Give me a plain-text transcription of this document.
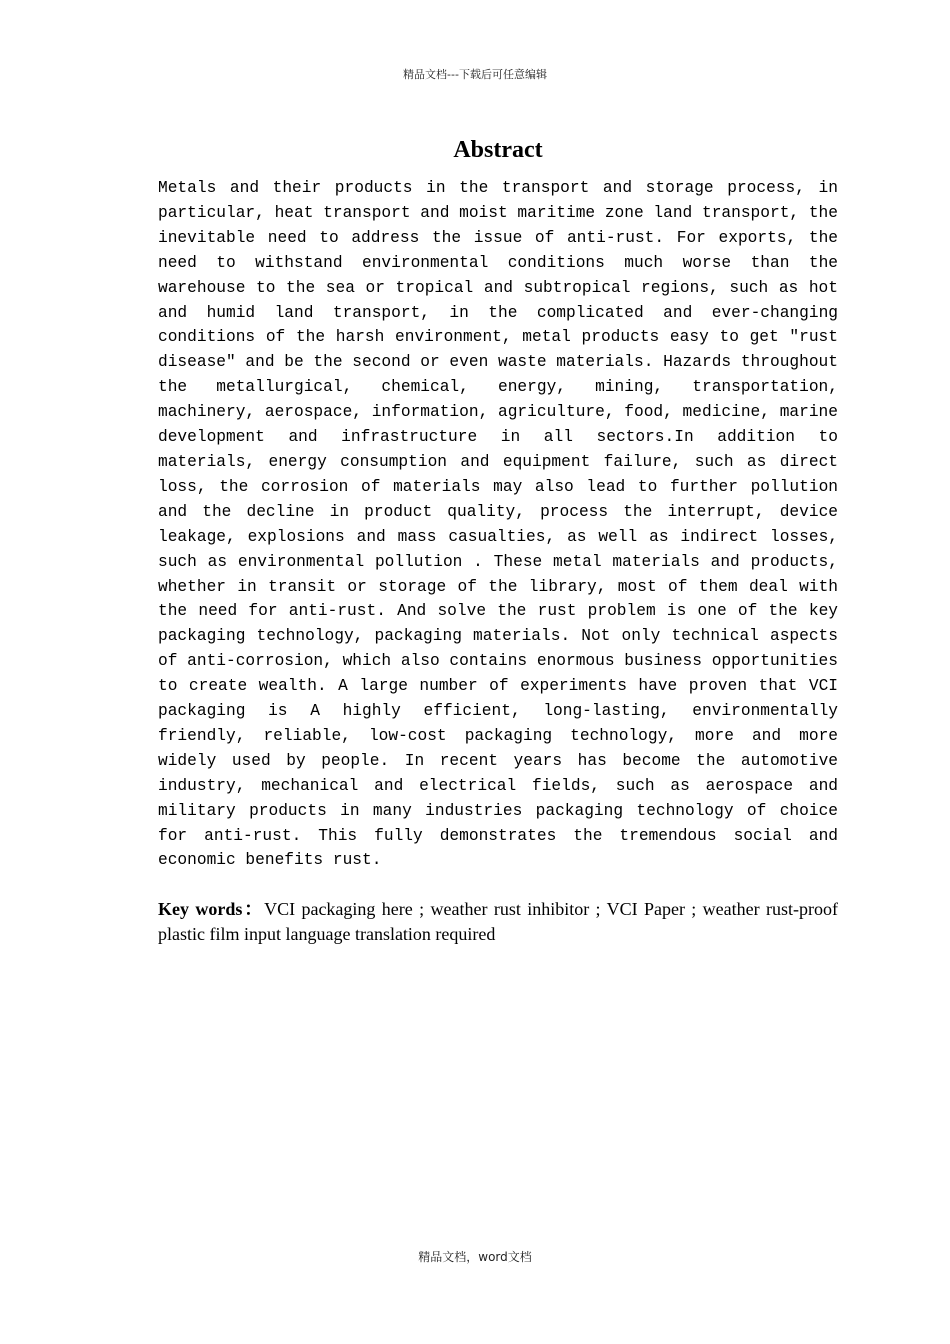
精品文档---下载后可任意编辑
Abstract

Metals and their products in the transport and storage process, in particular, heat transport and moist maritime zone land transport, the inevitable need to address the issue of anti-rust. For exports, the need to withstand environmental conditions much worse than the warehouse to the sea or tropical and subtropical regions, such as hot and humid land transport, in the complicated and ever-changing conditions of the harsh environment, metal products easy to get "rust disease" and be the second or even waste materials. Hazards throughout the metallurgical, chemical, energy, mining, transportation, machinery, aerospace, information, agriculture, food, medicine, marine development and infrastructure in all sectors.In addition to materials, energy consumption and equipment failure, such as direct loss, the corrosion of materials may also lead to further pollution and the decline in product quality, process the interrupt, device leakage, explosions and mass casualties, as well as indirect losses, such as environmental pollution . These metal materials and products, whether in transit or storage of the library, most of them deal with the need for anti-rust. And solve the rust problem is one of the key packaging technology, packaging materials. Not only technical aspects of anti-corrosion, which also contains enormous business opportunities to create wealth. A large number of experiments have proven that VCI packaging is A highly efficient, long-lasting, environmentally friendly, reliable, low-cost packaging technology, more and more widely used by people. In recent years has become the automotive industry, mechanical and electrical fields, such as aerospace and military products in many industries packaging technology of choice for anti-rust. This fully demonstrates the tremendous social and economic benefits rust.

Key words：VCI packaging here ; weather rust inhibitor ; VCI Paper ; weather rust-proof plastic film input language translation required

精品文档，word文档
